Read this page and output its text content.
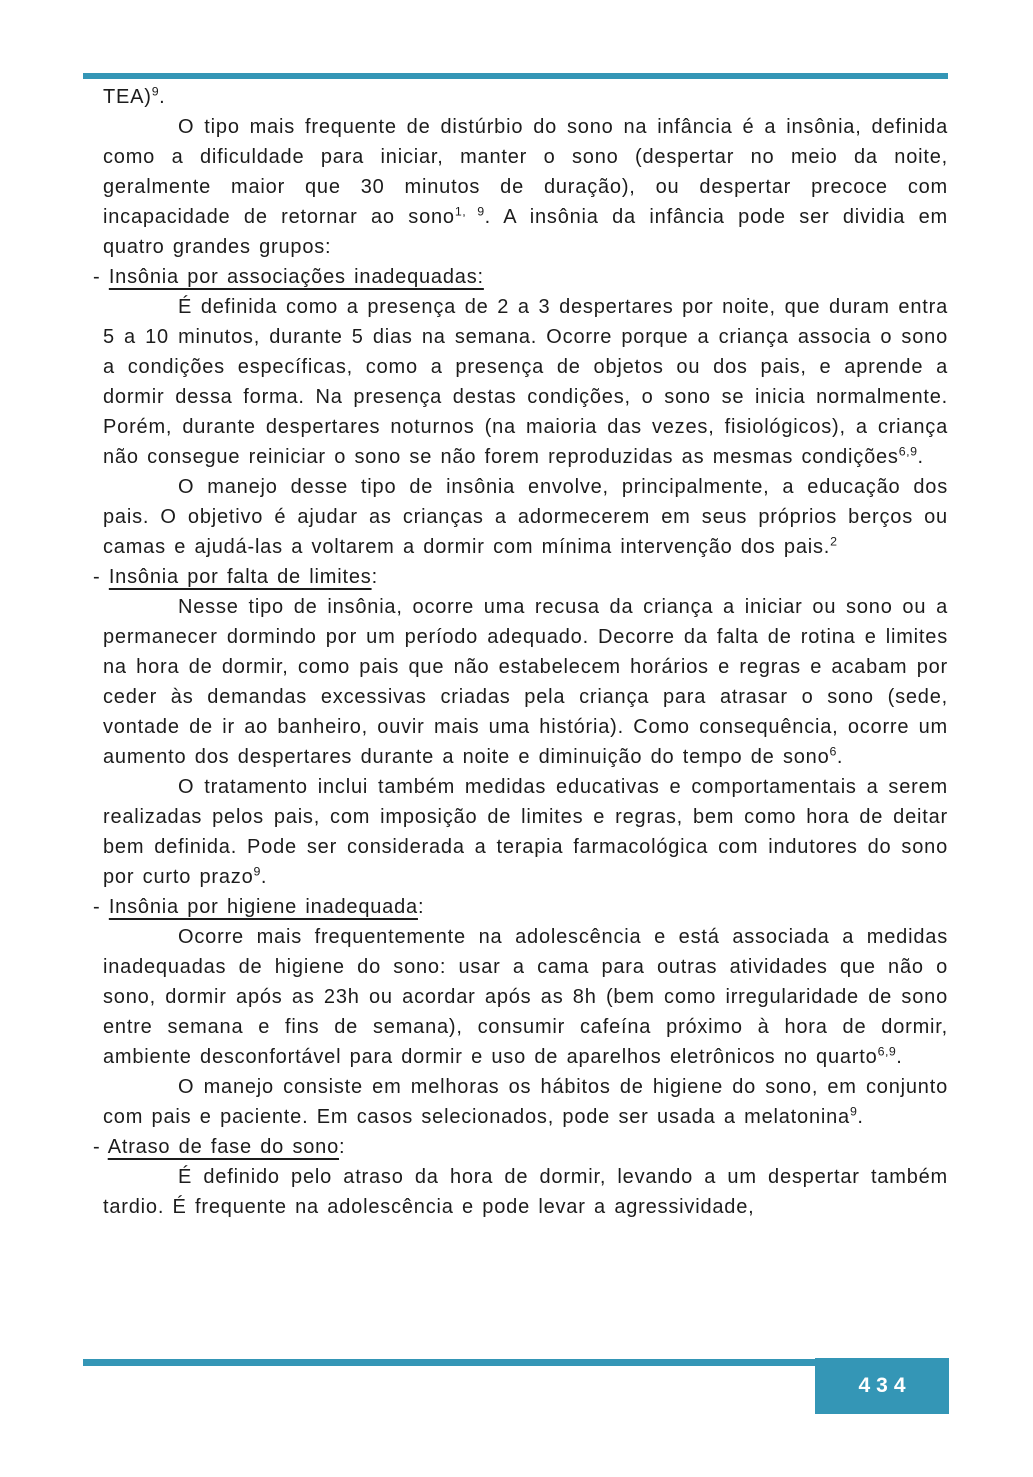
TEA)$^9$.

O tipo mais frequente de distúrbio do sono na infância é a insônia, definida como a dificuldade para iniciar, manter o sono (despertar no meio da noite, geralmente maior que 30 minutos de duração), ou despertar precoce com incapacidade de retornar ao sono$^{1, 9}$. A insônia da infância pode ser dividia em quatro grandes grupos:

- Insônia por associações inadequadas:

É definida como a presença de 2 a 3 despertares por noite, que duram entra 5 a 10 minutos, durante 5 dias na semana. Ocorre porque a criança associa o sono a condições específicas, como a presença de objetos ou dos pais, e aprende a dormir dessa forma. Na presença destas condições, o sono se inicia normalmente. Porém, durante despertares noturnos (na maioria das vezes, fisiológicos), a criança não consegue reiniciar o sono se não forem reproduzidas as mesmas condições$^{6,9}$.

O manejo desse tipo de insônia envolve, principalmente, a educação dos pais. O objetivo é ajudar as crianças a adormecerem em seus próprios berços ou camas e ajudá-las a voltarem a dormir com mínima intervenção dos pais.$^2$

- Insônia por falta de limites:

Nesse tipo de insônia, ocorre uma recusa da criança a iniciar ou sono ou a permanecer dormindo por um período adequado. Decorre da falta de rotina e limites na hora de dormir, como pais que não estabelecem horários e regras e acabam por ceder às demandas excessivas criadas pela criança para atrasar o sono (sede, vontade de ir ao banheiro, ouvir mais uma história). Como consequência, ocorre um aumento dos despertares durante a noite e diminuição do tempo de sono$^6$.

O tratamento inclui também medidas educativas e comportamentais a serem realizadas pelos pais, com imposição de limites e regras, bem como hora de deitar bem definida. Pode ser considerada a terapia farmacológica com indutores do sono por curto prazo$^9$.

- Insônia por higiene inadequada:

Ocorre mais frequentemente na adolescência e está associada a medidas inadequadas de higiene do sono: usar a cama para outras atividades que não o sono, dormir após as 23h ou acordar após as 8h (bem como irregularidade de sono entre semana e fins de semana), consumir cafeína próximo à hora de dormir, ambiente desconfortável para dormir e uso de aparelhos eletrônicos no quarto$^{6,9}$.

O manejo consiste em melhoras os hábitos de higiene do sono, em conjunto com pais e paciente. Em casos selecionados, pode ser usada a melatonina$^9$.

- Atraso de fase do sono:

É definido pelo atraso da hora de dormir, levando a um despertar também tardio. É frequente na adolescência e pode levar a agressividade,

434
